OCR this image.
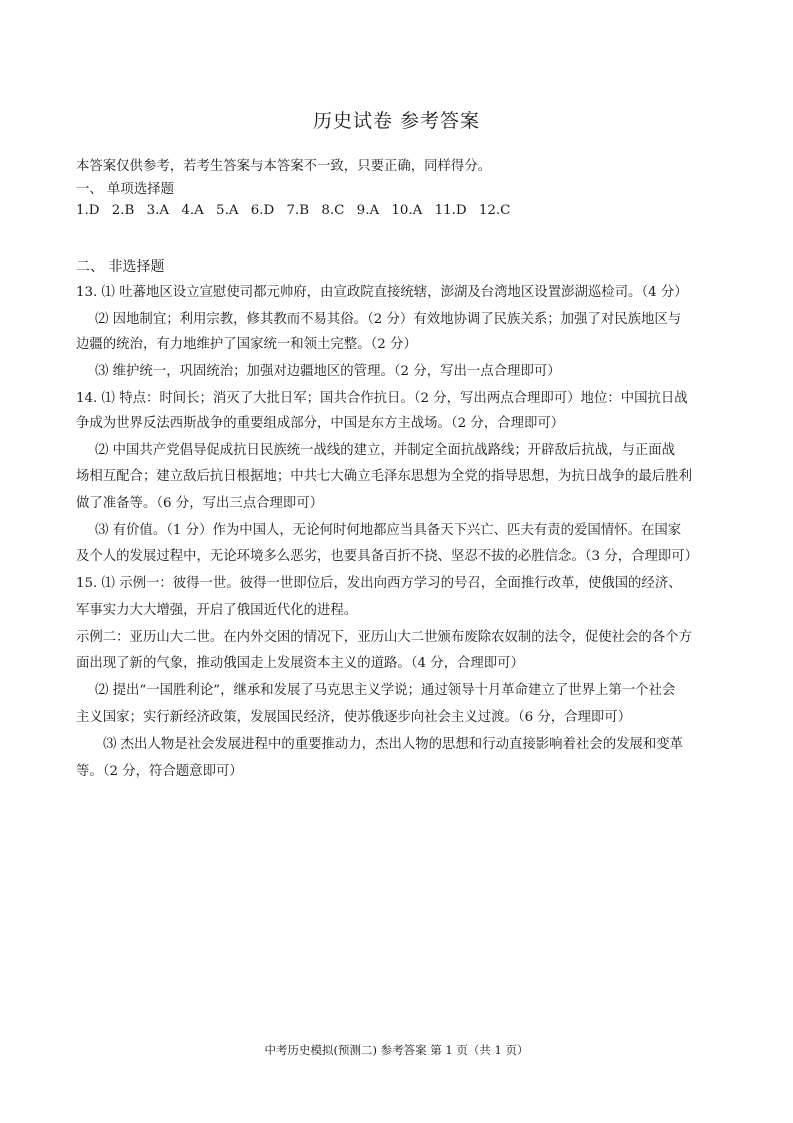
历史试卷 参考答案
本答案仅供参考，若考生答案与本答案不一致，只要正确，同样得分。
一、 单项选择题
1.D 2.B 3.A 4.A 5.A 6.D 7.B 8.C 9.A 10.A 11.D 12.C
二、 非选择题
13. ⑴ 吐蕃地区设立宣慰使司都元帅府，由宣政院直接统辖，澎湖及台湾地区设置澎湖巡检司。（4 分）
⑵ 因地制宜；利用宗教，修其教而不易其俗。（2 分）有效地协调了民族关系；加强了对民族地区与
边疆的统治，有力地维护了国家统一和领土完整。（2 分）
⑶ 维护统一，巩固统治；加强对边疆地区的管理。（2 分，写出一点合理即可）
14. ⑴ 特点：时间长；消灭了大批日军；国共合作抗日。（2 分，写出两点合理即可）地位：中国抗日战
争成为世界反法西斯战争的重要组成部分，中国是东方主战场。（2 分，合理即可）
⑵ 中国共产党倡导促成抗日民族统一战线的建立，并制定全面抗战路线；开辟敌后抗战，与正面战
场相互配合；建立敌后抗日根据地；中共七大确立毛泽东思想为全党的指导思想，为抗日战争的最后胜利
做了准备等。（6 分，写出三点合理即可）
⑶ 有价值。（1 分）作为中国人，无论何时何地都应当具备天下兴亡、匹夫有责的爱国情怀。在国家
及个人的发展过程中，无论环境多么恶劣，也要具备百折不挠、坚忍不拔的必胜信念。（3 分，合理即可）
15. ⑴ 示例一：彼得一世。彼得一世即位后，发出向西方学习的号召，全面推行改革，使俄国的经济、
军事实力大大增强，开启了俄国近代化的进程。
示例二：亚历山大二世。在内外交困的情况下，亚历山大二世颁布废除农奴制的法令，促使社会的各个方
面出现了新的气象，推动俄国走上发展资本主义的道路。（4 分，合理即可）
⑵ 提出“一国胜利论”，继承和发展了马克思主义学说；通过领导十月革命建立了世界上第一个社会
主义国家；实行新经济政策，发展国民经济，使苏俄逐步向社会主义过渡。（6 分，合理即可）
⑶ 杰出人物是社会发展进程中的重要推动力，杰出人物的思想和行动直接影响着社会的发展和变革
等。（2 分，符合题意即可）
中考历史模拟(预测二) 参考答案 第 1 页（共 1 页）
